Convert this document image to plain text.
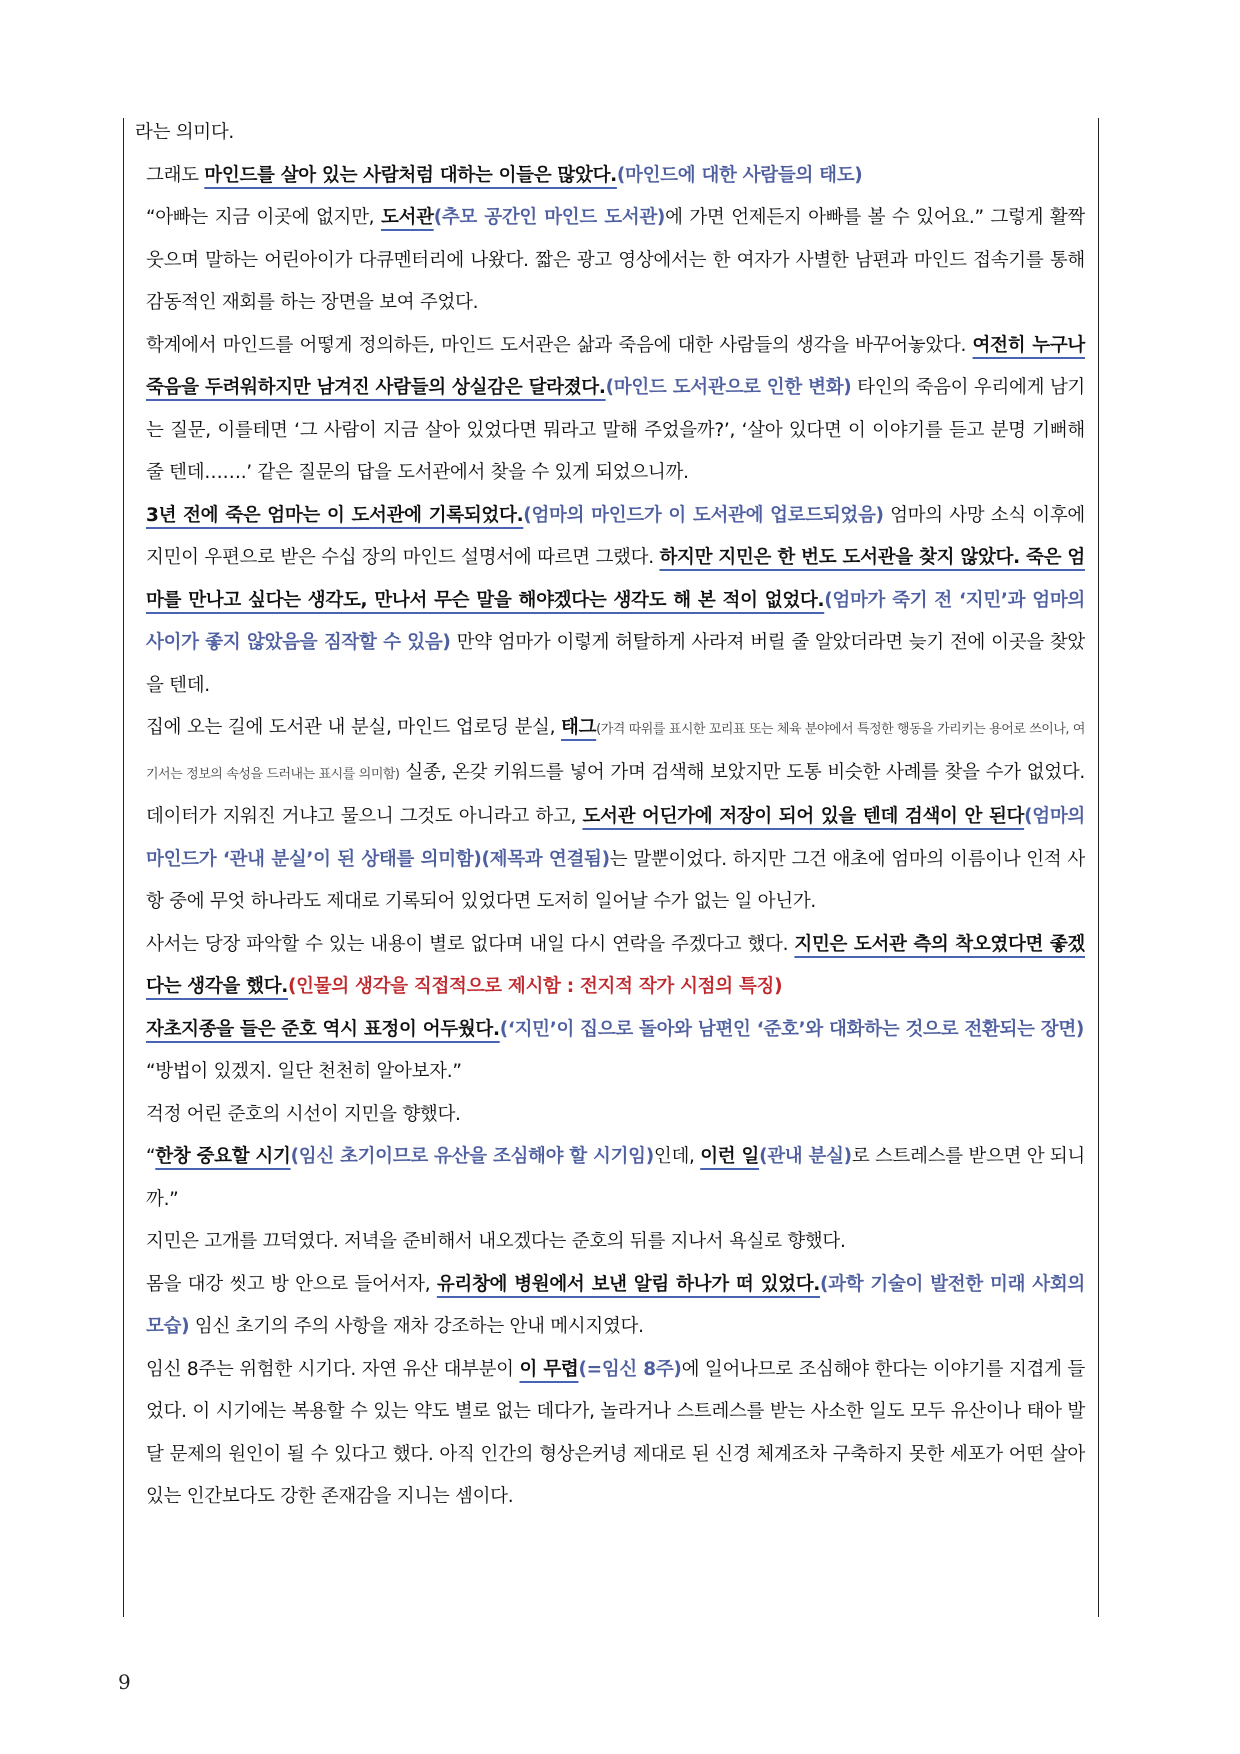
라는 의미다.

그래도 마인드를 살아 있는 사람처럼 대하는 이들은 많았다.(마인드에 대한 사람들의 태도)

“아빠는 지금 이곳에 없지만, 도서관(추모 공간인 마인드 도서관)에 가면 언제든지 아빠를 볼 수 있어요.” 그렇게 활짝 웃으며 말하는 어린아이가 다큐멘터리에 나왔다. 짧은 광고 영상에서는 한 여자가 사별한 남편과 마인드 접속기를 통해 감동적인 재회를 하는 장면을 보여 주었다.

학계에서 마인드를 어떻게 정의하든, 마인드 도서관은 삶과 죽음에 대한 사람들의 생각을 바꾸어놓았다. 여전히 누구나 죽음을 두려워하지만 남겨진 사람들의 상실감은 달라졌다.(마인드 도서관으로 인한 변화) 타인의 죽음이 우리에게 남기는 질문, 이를테면 ‘그 사람이 지금 살아 있었다면 뭐라고 말해 주었을까?’, ‘살아 있다면 이 이야기를 듣고 분명 기뻐해 줄 텐데…….’ 같은 질문의 답을 도서관에서 찾을 수 있게 되었으니까.

3년 전에 죽은 엄마는 이 도서관에 기록되었다.(엄마의 마인드가 이 도서관에 업로드되었음) 엄마의 사망 소식 이후에 지민이 우편으로 받은 수십 장의 마인드 설명서에 따르면 그랬다. 하지만 지민은 한 번도 도서관을 찾지 않았다. 죽은 엄마를 만나고 싶다는 생각도, 만나서 무슨 말을 해야겠다는 생각도 해 본 적이 없었다.(엄마가 죽기 전 ‘지민’과 엄마의 사이가 좋지 않았음을 짐작할 수 있음) 만약 엄마가 이렇게 허탈하게 사라져 버릴 줄 알았더라면 늦기 전에 이곳을 찾았을 텐데.

집에 오는 길에 도서관 내 분실, 마인드 업로딩 분실, 태그(가격 따위를 표시한 꼬리표 또는 체육 분야에서 특정한 행동을 가리키는 용어로 쓰이나, 여기서는 정보의 속성을 드러내는 표시를 의미함) 실종, 온갖 키워드를 넣어 가며 검색해 보았지만 도통 비슷한 사례를 찾을 수가 없었다. 데이터가 지워진 거냐고 물으니 그것도 아니라고 하고, 도서관 어딘가에 저장이 되어 있을 텐데 검색이 안 된다(엄마의 마인드가 ‘관내 분실’이 된 상태를 의미함)(제목과 연결됨)는 말뿐이었다. 하지만 그건 애초에 엄마의 이름이나 인적 사항 중에 무엇 하나라도 제대로 기록되어 있었다면 도저히 일어날 수가 없는 일 아닌가.

사서는 당장 파악할 수 있는 내용이 별로 없다며 내일 다시 연락을 주겠다고 했다. 지민은 도서관 측의 착오였다면 좋겠다는 생각을 했다.(인물의 생각을 직접적으로 제시함 : 전지적 작가 시점의 특징)

자초지종을 들은 준호 역시 표정이 어두웠다.(‘지민’이 집으로 돌아와 남편인 ‘준호’와 대화하는 것으로 전환되는 장면)

“방법이 있겠지. 일단 천천히 알아보자.”

걱정 어린 준호의 시선이 지민을 향했다.

“한창 중요할 시기(임신 초기이므로 유산을 조심해야 할 시기임)인데, 이런 일(관내 분실)로 스트레스를 받으면 안 되니까.”

지민은 고개를 끄덕였다. 저녁을 준비해서 내오겠다는 준호의 뒤를 지나서 욕실로 향했다.

몸을 대강 씻고 방 안으로 들어서자, 유리창에 병원에서 보낸 알림 하나가 떠 있었다.(과학 기술이 발전한 미래 사회의 모습) 임신 초기의 주의 사항을 재차 강조하는 안내 메시지였다.

임신 8주는 위험한 시기다. 자연 유산 대부분이 이 무렵(=임신 8주)에 일어나므로 조심해야 한다는 이야기를 지겹게 들었다. 이 시기에는 복용할 수 있는 약도 별로 없는 데다가, 놀라거나 스트레스를 받는 사소한 일도 모두 유산이나 태아 발달 문제의 원인이 될 수 있다고 했다. 아직 인간의 형상은커녕 제대로 된 신경 체계조차 구축하지 못한 세포가 어떤 살아 있는 인간보다도 강한 존재감을 지니는 셈이다.

9
